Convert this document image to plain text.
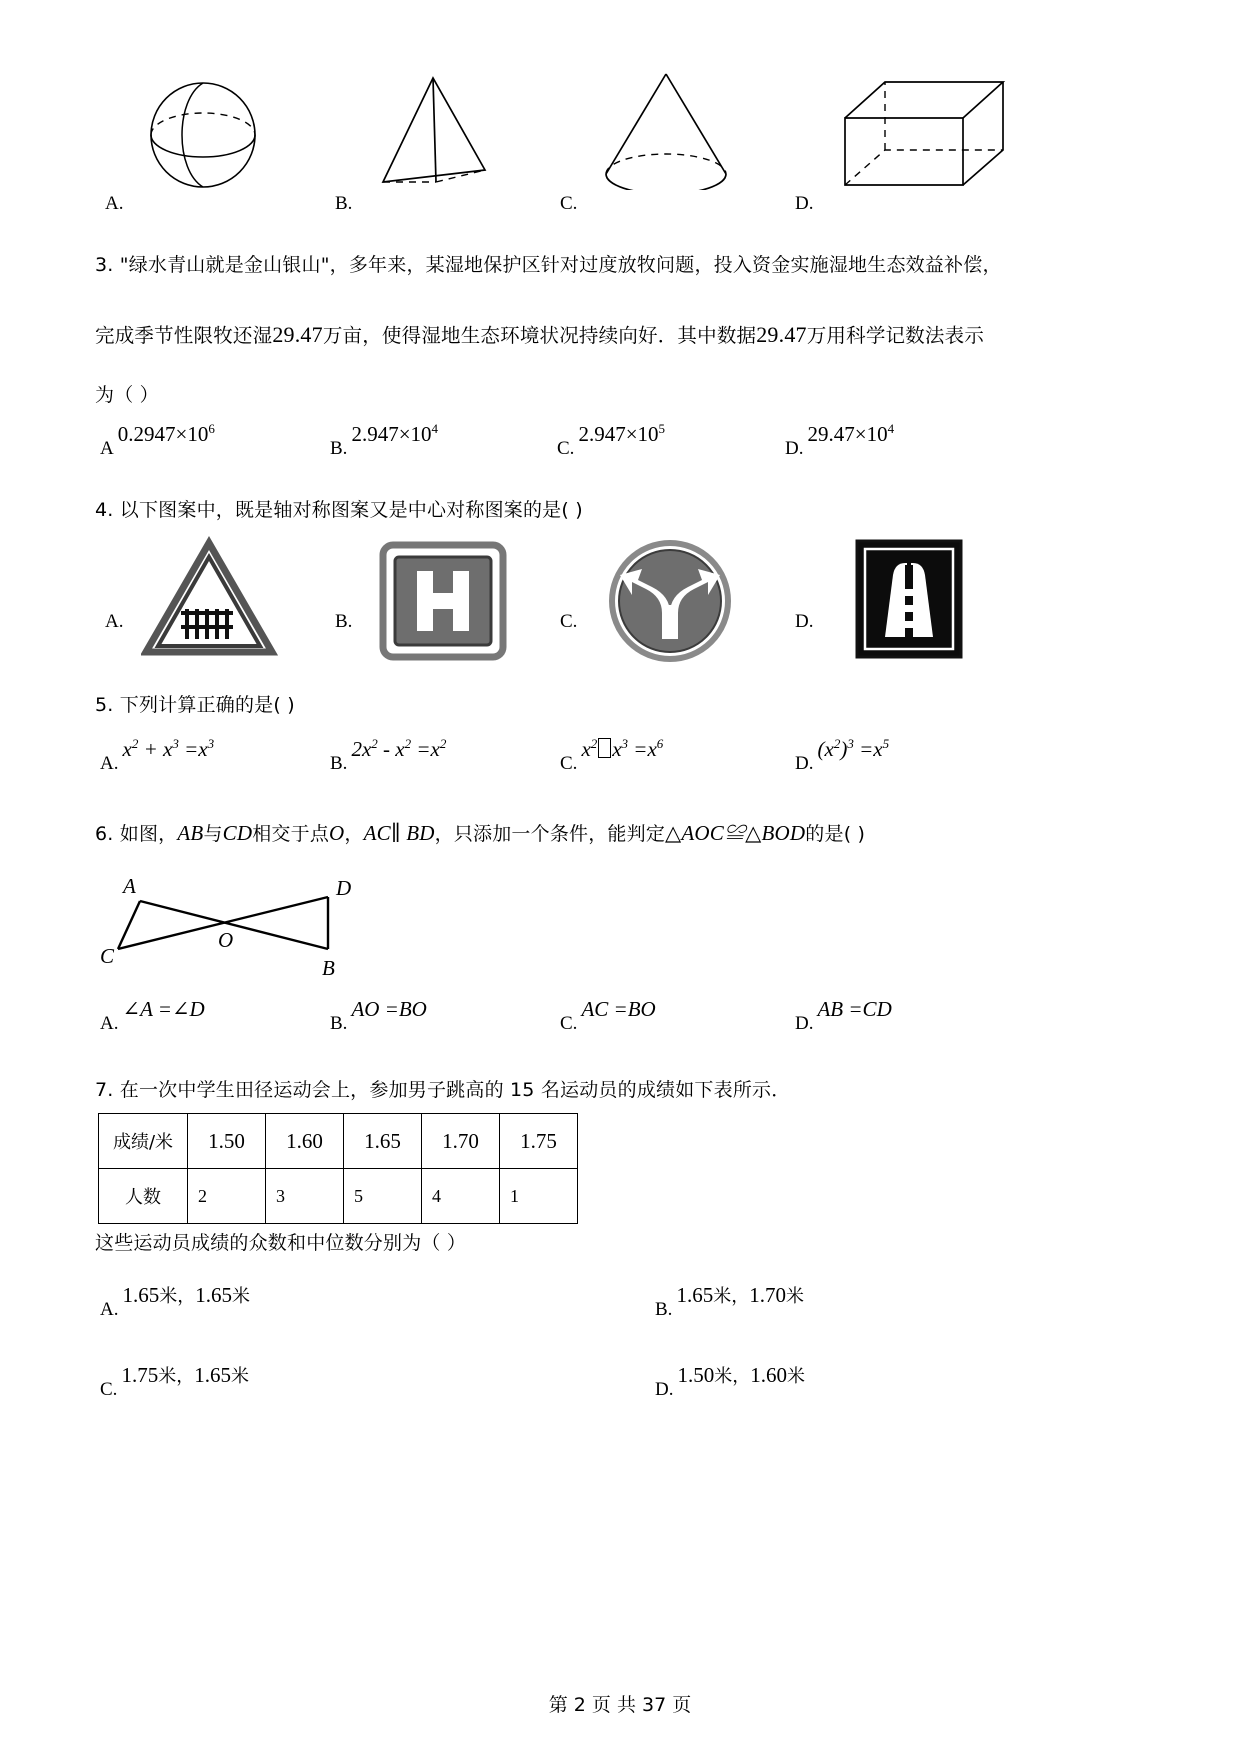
A.	B.	C.	D.
3. "绿水青山就是金山银山"，多年来，某湿地保护区针对过度放牧问题，投入资金实施湿地生态效益补偿，
完成季节性限牧还湿29.47万亩，使得湿地生态环境状况持续向好．其中数据29.47万用科学记数法表示
为（ ）
$A0.2947\times 10^6$
$B.2.947\times 10^4$
$C.2.947\times 10^5$
$D.29.47\times 10^4$
4. 以下图案中，既是轴对称图案又是中心对称图案的是( )
A.	B.	C.	D.
5. 下列计算正确的是( )
$A.x^2 + x^3 =x^3$
$B.2x^2 - x^2 =x^2$
$C.x^2$ $x^3 =x^6$
$D.(x^2)^3 =x^5$
6. 如图，AB与CD相交于点O，AC∥ BD，只添加一个条件，能判定△AOC≌△BOD的是( )
A	D
C	B
O
A.∠A =∠D
B.AO =BO
C.AC =BO
D.AB =CD
7. 在一次中学生田径运动会上，参加男子跳高的 15 名运动员的成绩如下表所示．
成绩/米	1.50	1.60	1.65	1.70	1.75
人数	2	3	5	4	1
这些运动员成绩的众数和中位数分别为（ ）
A.1.65米，1.65米
B.1.65米，1.70米
C.1.75米，1.65米
D.1.50米，1.60米
第 2 页 共 37 页
